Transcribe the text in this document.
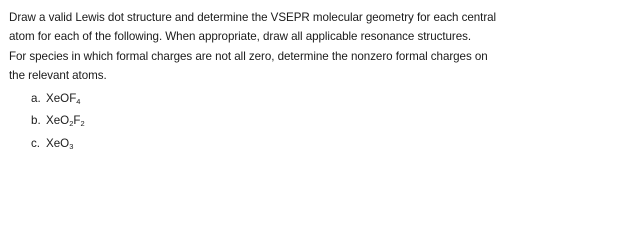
Draw a valid Lewis dot structure and determine the VSEPR molecular geometry for each central
atom for each of the following. When appropriate, draw all applicable resonance structures.
For species in which formal charges are not all zero, determine the nonzero formal charges on
the relevant atoms.

a. XeOF$_4$
b. $XeO_2F_2$
c. XeO$_3$
